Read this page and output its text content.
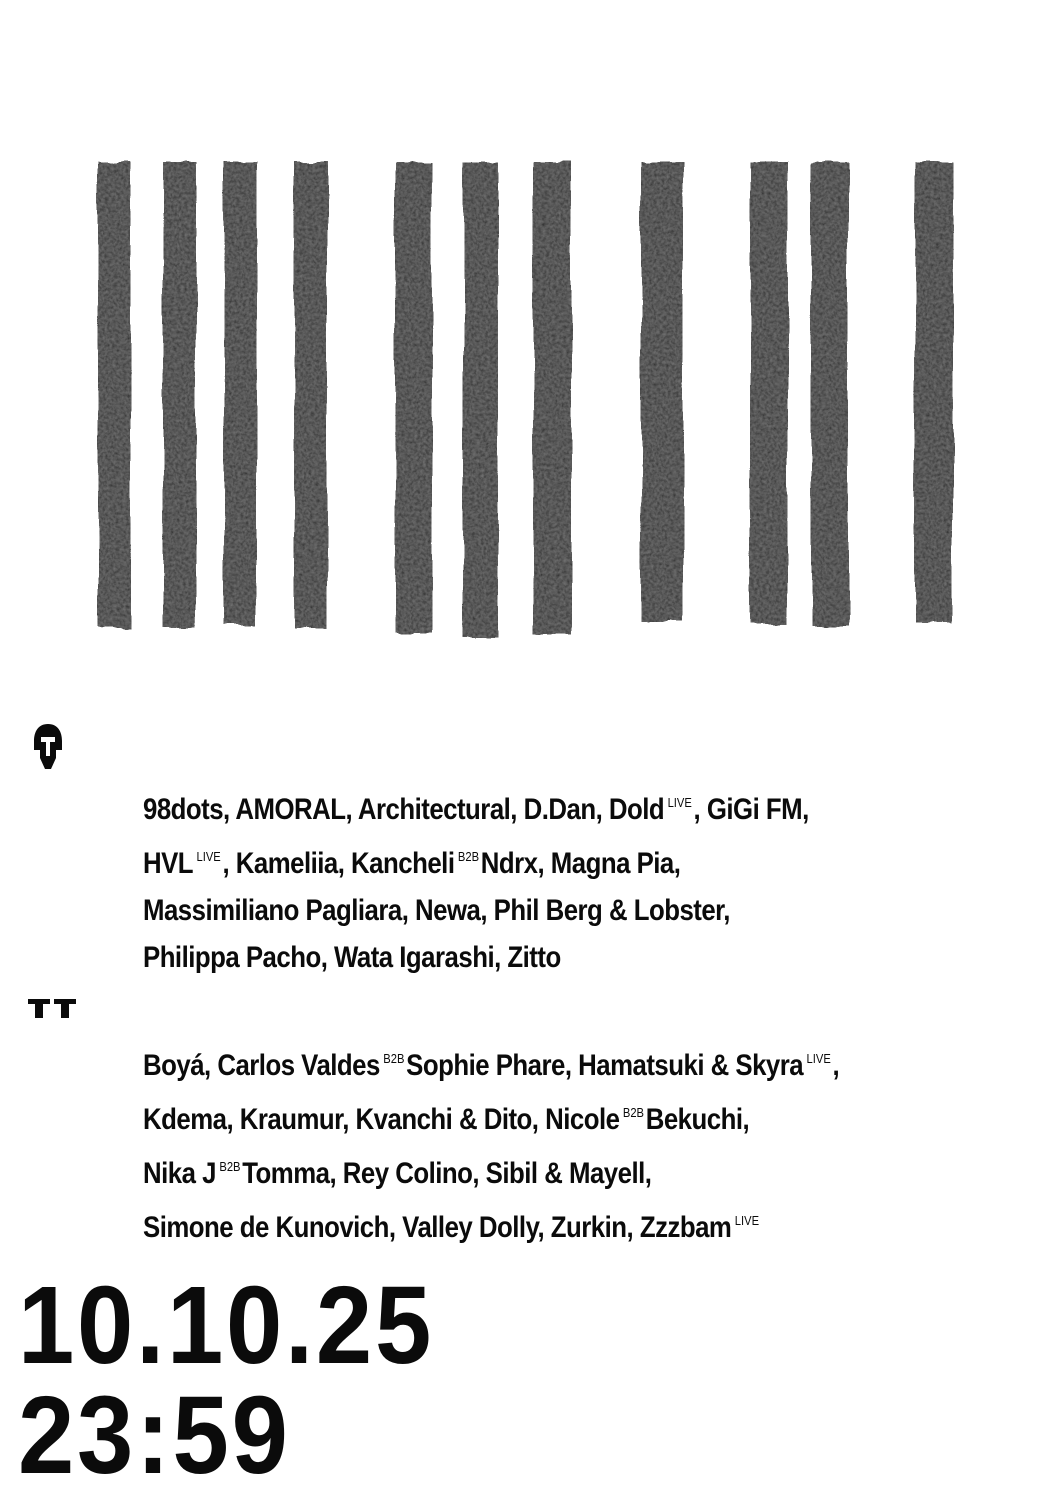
98dots, AMORAL, Architectural, D.Dan, Dold $^{LIVE}$, GiGi FM,
HVL $^{LIVE}$, Kameliia, Kancheli $^{B2B}$Ndrx, Magna Pia,
Massimiliano Pagliara, Newa, Phil Berg & Lobster,
Philippa Pacho, Wata Igarashi, Zitto
Boyá, Carlos Valdes $^{B2B}$Sophie Phare, Hamatsuki & Skyra $^{LIVE}$,
Kdema, Kraumur, Kvanchi & Dito, Nicole $^{B2B}$Bekuchi,
Nika J $^{B2B}$Tomma, Rey Colino, Sibil & Mayell,
Simone de Kunovich, Valley Dolly, Zurkin, Zzzbam $^{LIVE}$
10.10.25
23:59
